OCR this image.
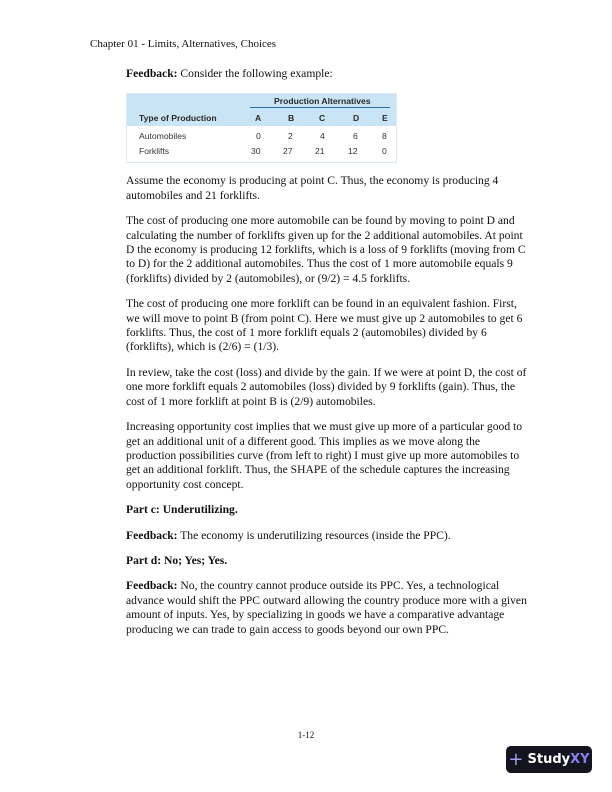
Chapter 01 - Limits, Alternatives, Choices
Feedback: Consider the following example:
Production Alternatives
Type of Production	A	B	C	D	E
Automobiles	0	2	4	6	8
Forklifts	30	27	21	12	0
Assume the economy is producing at point C. Thus, the economy is producing 4 automobiles and 21 forklifts.
The cost of producing one more automobile can be found by moving to point D and calculating the number of forklifts given up for the 2 additional automobiles. At point D the economy is producing 12 forklifts, which is a loss of 9 forklifts (moving from C to D) for the 2 additional automobiles. Thus the cost of 1 more automobile equals 9 (forklifts) divided by 2 (automobiles), or (9/2) = 4.5 forklifts.
The cost of producing one more forklift can be found in an equivalent fashion. First, we will move to point B (from point C). Here we must give up 2 automobiles to get 6 forklifts. Thus, the cost of 1 more forklift equals 2 (automobiles) divided by 6 (forklifts), which is (2/6) = (1/3).
In review, take the cost (loss) and divide by the gain. If we were at point D, the cost of one more forklift equals 2 automobiles (loss) divided by 9 forklifts (gain). Thus, the cost of 1 more forklift at point B is (2/9) automobiles.
Increasing opportunity cost implies that we must give up more of a particular good to get an additional unit of a different good. This implies as we move along the production possibilities curve (from left to right) I must give up more automobiles to get an additional forklift. Thus, the SHAPE of the schedule captures the increasing opportunity cost concept.
Part c: Underutilizing.
Feedback: The economy is underutilizing resources (inside the PPC).
Part d: No; Yes; Yes.
Feedback: No, the country cannot produce outside its PPC. Yes, a technological advance would shift the PPC outward allowing the country produce more with a given amount of inputs. Yes, by specializing in goods we have a comparative advantage producing we can trade to gain access to goods beyond our own PPC.
1-12
+ StudyXY
